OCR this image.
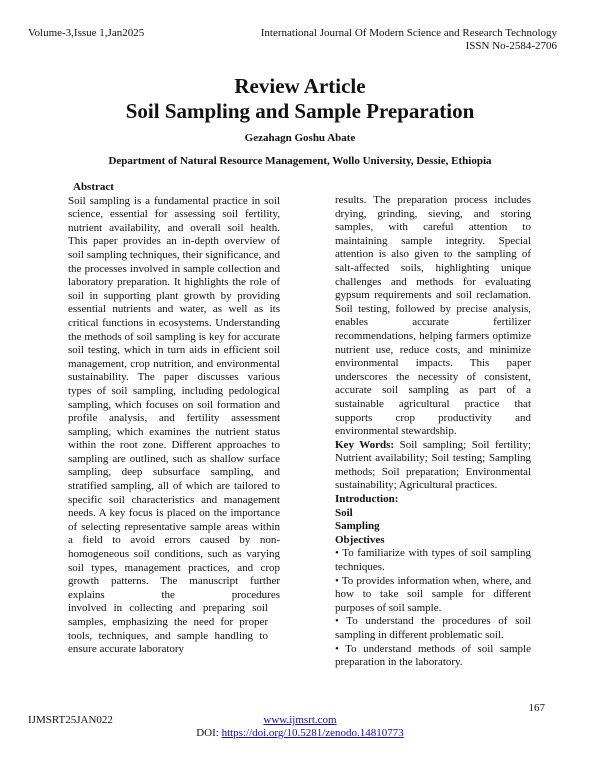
Volume-3,Issue 1,Jan2025	International Journal Of Modern Science and Research Technology
ISSN No-2584-2706
Review Article
Soil Sampling and Sample Preparation
Gezahagn Goshu Abate
Department of Natural Resource Management, Wollo University, Dessie, Ethiopia
Abstract

Soil sampling is a fundamental practice in soil science, essential for assessing soil fertility, nutrient availability, and overall soil health. This paper provides an in-depth overview of soil sampling techniques, their significance, and the processes involved in sample collection and laboratory preparation. It highlights the role of soil in supporting plant growth by providing essential nutrients and water, as well as its critical functions in ecosystems. Understanding the methods of soil sampling is key for accurate soil testing, which in turn aids in efficient soil management, crop nutrition, and environmental sustainability. The paper discusses various types of soil sampling, including pedological sampling, which focuses on soil formation and profile analysis, and fertility assessment sampling, which examines the nutrient status within the root zone. Different approaches to sampling are outlined, such as shallow surface sampling, deep subsurface sampling, and stratified sampling, all of which are tailored to specific soil characteristics and management needs. A key focus is placed on the importance of selecting representative sample areas within a field to avoid errors caused by non-homogeneous soil conditions, such as varying soil types, management practices, and crop growth patterns. The manuscript further explains the procedures

involved in collecting and preparing soil samples, emphasizing the need for proper tools, techniques, and sample handling to ensure accurate laboratory

results. The preparation process includes drying, grinding, sieving, and storing samples, with careful attention to maintaining sample integrity. Special attention is also given to the sampling of salt-affected soils, highlighting unique challenges and methods for evaluating gypsum requirements and soil reclamation. Soil testing, followed by precise analysis, enables accurate fertilizer recommendations, helping farmers optimize nutrient use, reduce costs, and minimize environmental impacts. This paper underscores the necessity of consistent, accurate soil sampling as part of a sustainable agricultural practice that supports crop productivity and environmental stewardship.

Key Words: Soil sampling; Soil fertility; Nutrient availability; Soil testing; Sampling methods; Soil preparation; Environmental sustainability; Agricultural practices.

Introduction:
Soil
Sampling
Objectives

• To familiarize with types of soil sampling techniques.

• To provides information when, where, and how to take soil sample for different purposes of soil sample.

• To understand the procedures of soil sampling in different problematic soil.

• To understand methods of soil sample preparation in the laboratory.

167
IJMSRT25JAN022	www.ijmsrt.com
DOI: https://doi.org/10.5281/zenodo.14810773
